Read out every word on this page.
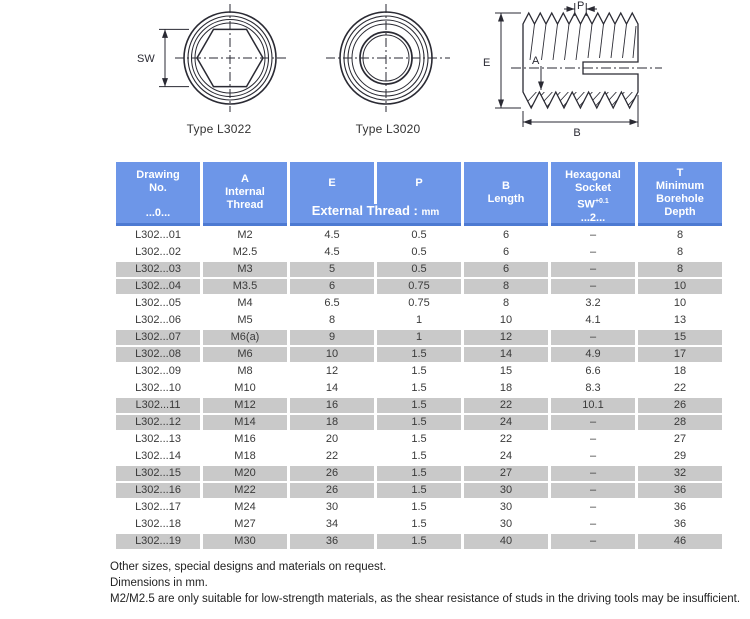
SW
Type L3022	Type L3020
P
E	A
B
Drawing
No.
...0...

A
Internal
Thread

E	P
External Thread : mm

B
Length

Hexagonal
Socket
$SW^{+0.1}$
...2...

T
Minimum
Borehole
Depth

L302...01	M2	4.5	0.5	6	–	8
L302...02	M2.5	4.5	0.5	6	–	8
L302...03	M3	5	0.5	6	–	8
L302...04	M3.5	6	0.75	8	–	10
L302...05	M4	6.5	0.75	8	3.2	10
L302...06	M5	8	1	10	4.1	13
L302...07	M6(a)	9	1	12	–	15
L302...08	M6	10	1.5	14	4.9	17
L302...09	M8	12	1.5	15	6.6	18
L302...10	M10	14	1.5	18	8.3	22
L302...11	M12	16	1.5	22	10.1	26
L302...12	M14	18	1.5	24	–	28
L302...13	M16	20	1.5	22	–	27
L302...14	M18	22	1.5	24	–	29
L302...15	M20	26	1.5	27	–	32
L302...16	M22	26	1.5	30	–	36
L302...17	M24	30	1.5	30	–	36
L302...18	M27	34	1.5	30	–	36
L302...19	M30	36	1.5	40	–	46
Other sizes, special designs and materials on request.
Dimensions in mm.
M2/M2.5 are only suitable for low-strength materials, as the shear resistance of studs in the driving tools may be insufficient.
